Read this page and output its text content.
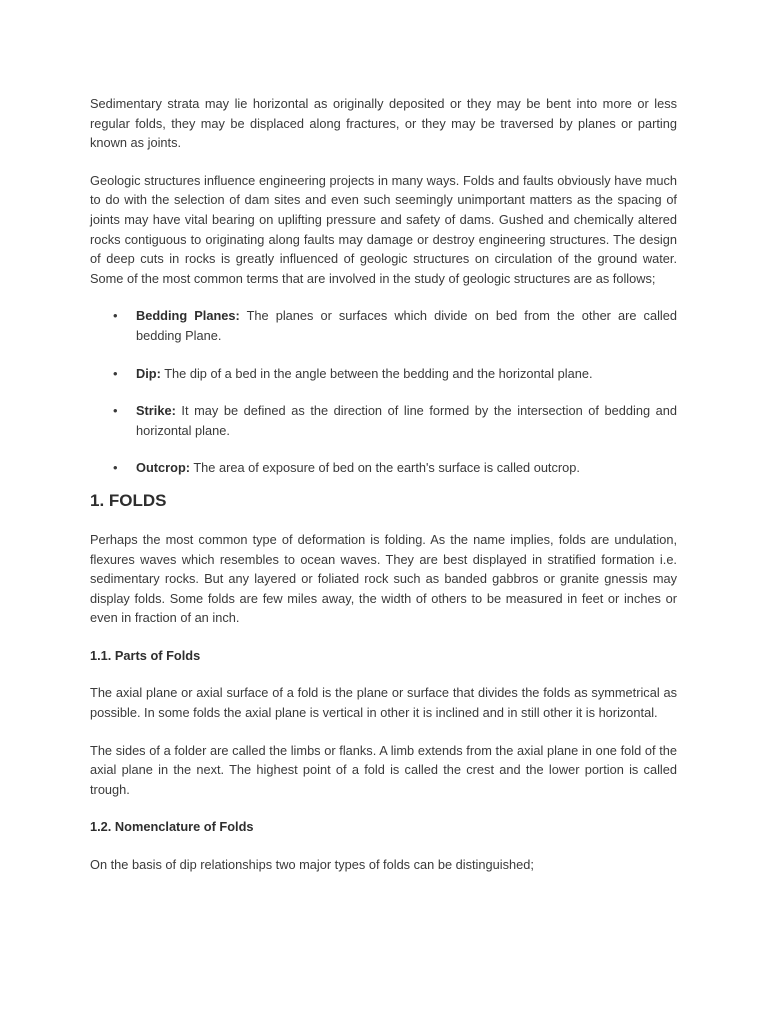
Sedimentary strata may lie horizontal as originally deposited or they may be bent into more or less regular folds, they may be displaced along fractures, or they may be traversed by planes or parting known as joints.

Geologic structures influence engineering projects in many ways. Folds and faults obviously have much to do with the selection of dam sites and even such seemingly unimportant matters as the spacing of joints may have vital bearing on uplifting pressure and safety of dams. Gushed and chemically altered rocks contiguous to originating along faults may damage or destroy engineering structures. The design of deep cuts in rocks is greatly influenced of geologic structures on circulation of the ground water. Some of the most common terms that are involved in the study of geologic structures are as follows;

• Bedding Planes: The planes or surfaces which divide on bed from the other are called bedding Plane.
• Dip: The dip of a bed in the angle between the bedding and the horizontal plane.
• Strike: It may be defined as the direction of line formed by the intersection of bedding and horizontal plane.
• Outcrop: The area of exposure of bed on the earth's surface is called outcrop.
1. FOLDS

Perhaps the most common type of deformation is folding. As the name implies, folds are undulation, flexures waves which resembles to ocean waves. They are best displayed in stratified formation i.e. sedimentary rocks. But any layered or foliated rock such as banded gabbros or granite gnessis may display folds. Some folds are few miles away, the width of others to be measured in feet or inches or even in fraction of an inch.

1.1. Parts of Folds

The axial plane or axial surface of a fold is the plane or surface that divides the folds as symmetrical as possible. In some folds the axial plane is vertical in other it is inclined and in still other it is horizontal.

The sides of a folder are called the limbs or flanks. A limb extends from the axial plane in one fold of the axial plane in the next. The highest point of a fold is called the crest and the lower portion is called trough.

1.2. Nomenclature of Folds

On the basis of dip relationships two major types of folds can be distinguished;
